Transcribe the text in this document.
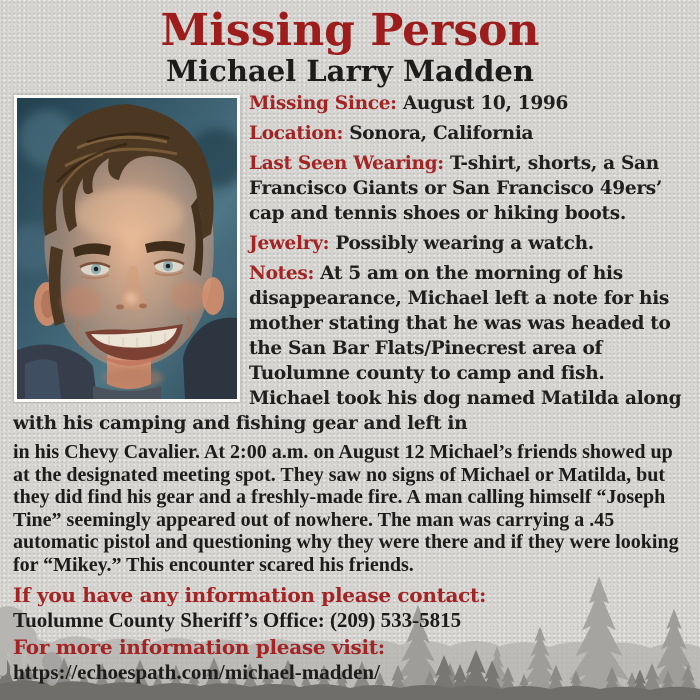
Missing Person
Michael Larry Madden

Missing Since: August 10, 1996

Location: Sonora, California

Last Seen Wearing: T-shirt, shorts, a San Francisco Giants or San Francisco 49ers’ cap and tennis shoes or hiking boots.

Jewelry: Possibly wearing a watch.

Notes: At 5 am on the morning of his disappearance, Michael left a note for his mother stating that he was was headed to the San Bar Flats/Pinecrest area of Tuolumne county to camp and fish. Michael took his dog named Matilda along with his camping and fishing gear and left in

in his Chevy Cavalier. At 2:00 a.m. on August 12 Michael’s friends showed up at the designated meeting spot. They saw no signs of Michael or Matilda, but they did find his gear and a freshly-made fire. A man calling himself “Joseph Tine” seemingly appeared out of nowhere. The man was carrying a .45 automatic pistol and questioning why they were there and if they were looking for “Mikey.” This encounter scared his friends.

If you have any information please contact:

Tuolumne County Sheriff’s Office: (209) 533-5815

For more information please visit:

https://echoespath.com/michael-madden/
